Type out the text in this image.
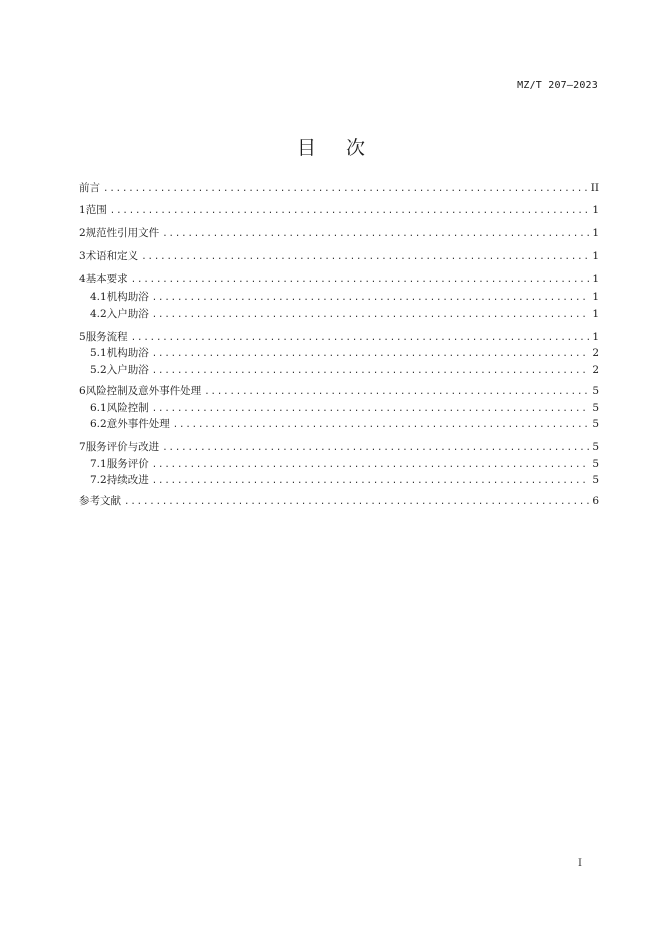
MZ/T 207—2023
目 次
前言 .....	II
1 范围 .....	1
2 规范性引用文件 .....	1
3 术语和定义 .....	1
4 基本要求 .....	1
4.1 机构助浴 .....	1
4.2 入户助浴 .....	1
5 服务流程 .....	1
5.1 机构助浴 .....	2
5.2 入户助浴 .....	2
6 风险控制及意外事件处理 .....	5
6.1 风险控制 .....	5
6.2 意外事件处理 .....	5
7 服务评价与改进 .....	5
7.1 服务评价 .....	5
7.2 持续改进 .....	5
参考文献 .....	6
I
